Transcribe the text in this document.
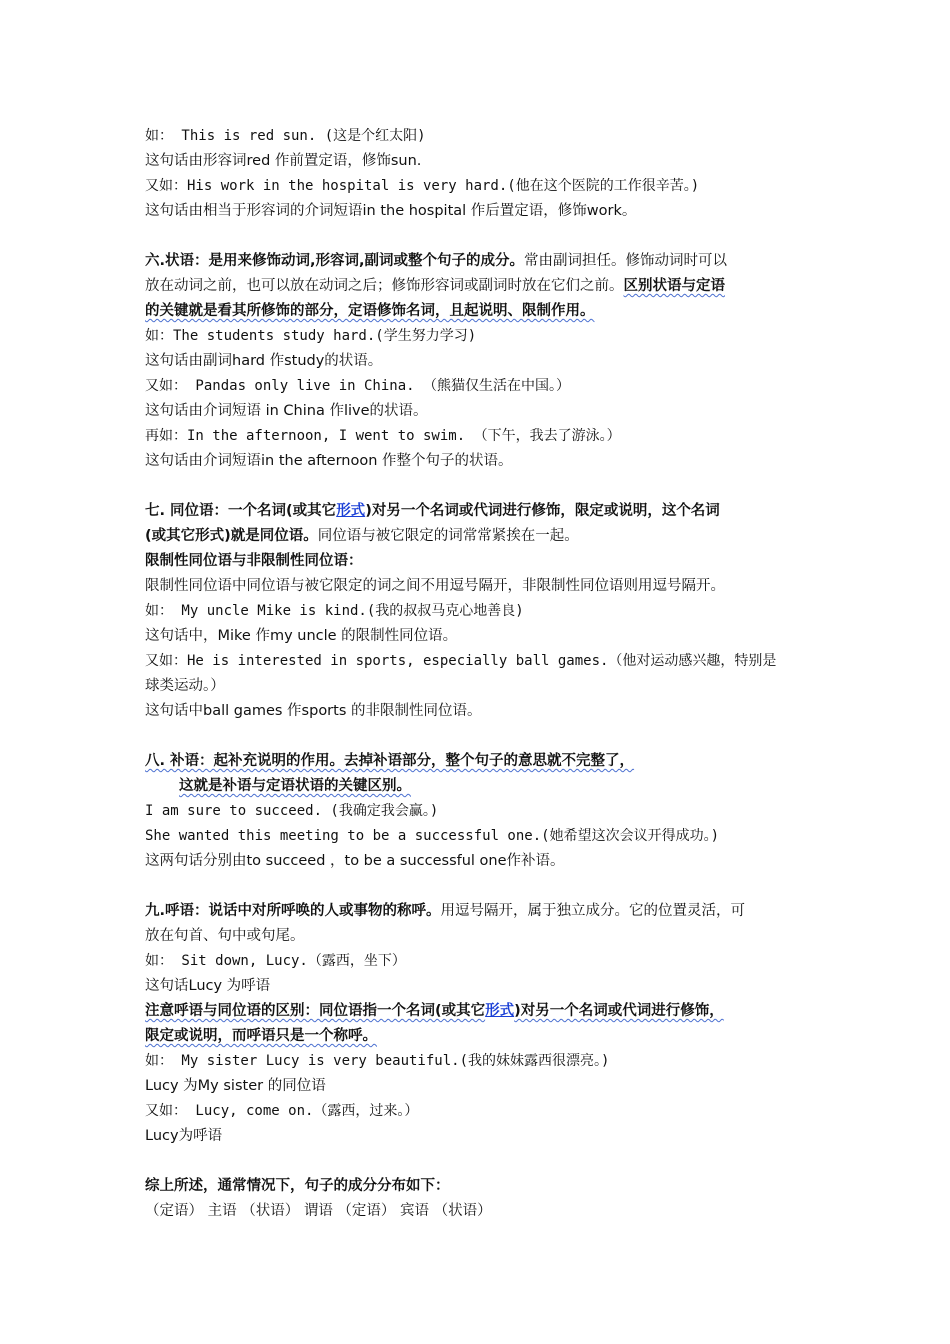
如： This is red sun. (这是个红太阳)
这句话由形容词red 作前置定语，修饰sun.
又如：His work in the hospital is very hard.(他在这个医院的工作很辛苦。)
这句话由相当于形容词的介词短语in the hospital 作后置定语，修饰work。
六.状语：是用来修饰动词,形容词,副词或整个句子的成分。常由副词担任。修饰动词时可以
放在动词之前，也可以放在动词之后；修饰形容词或副词时放在它们之前。区别状语与定语
的关键就是看其所修饰的部分，定语修饰名词，且起说明、限制作用。
如：The students study hard.(学生努力学习)
这句话由副词hard 作study的状语。
又如： Pandas only live in China. （熊猫仅生活在中国。）
这句话由介词短语 in China 作live的状语。
再如：In the afternoon, I went to swim. （下午，我去了游泳。）
这句话由介词短语in the afternoon 作整个句子的状语。
七. 同位语：一个名词(或其它形式)对另一个名词或代词进行修饰，限定或说明，这个名词
(或其它形式)就是同位语。同位语与被它限定的词常常紧挨在一起。
限制性同位语与非限制性同位语：
限制性同位语中同位语与被它限定的词之间不用逗号隔开，非限制性同位语则用逗号隔开。
如： My uncle Mike is kind.(我的叔叔马克心地善良)
这句话中，Mike 作my uncle 的限制性同位语。
又如：He is interested in sports, especially ball games.（他对运动感兴趣，特别是
球类运动。）
这句话中ball games 作sports 的非限制性同位语。
八. 补语：起补充说明的作用。去掉补语部分，整个句子的意思就不完整了，
这就是补语与定语状语的关键区别。
I am sure to succeed. (我确定我会赢。)
She wanted this meeting to be a successful one.(她希望这次会议开得成功。)
这两句话分别由to succeed ，to be a successful one作补语。
九.呼语：说话中对所呼唤的人或事物的称呼。用逗号隔开，属于独立成分。它的位置灵活，可
放在句首、句中或句尾。
如： Sit down, Lucy.（露西，坐下）
这句话Lucy 为呼语
注意呼语与同位语的区别：同位语指一个名词(或其它形式)对另一个名词或代词进行修饰，
限定或说明，而呼语只是一个称呼。
如： My sister Lucy is very beautiful.(我的妹妹露西很漂亮。)
Lucy 为My sister 的同位语
又如： Lucy, come on.（露西，过来。）
Lucy为呼语
综上所述，通常情况下，句子的成分分布如下：
（定语） 主语 （状语） 谓语 （定语） 宾语 （状语）
